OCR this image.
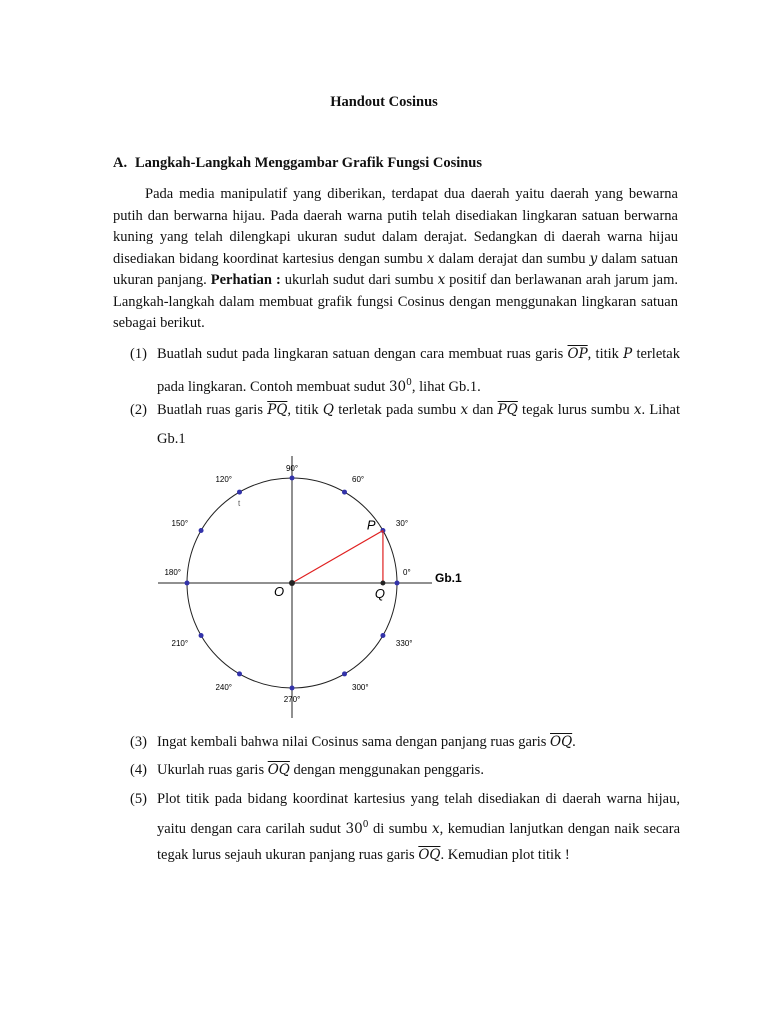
Handout Cosinus
A. Langkah-Langkah Menggambar Grafik Fungsi Cosinus
Pada media manipulatif yang diberikan, terdapat dua daerah yaitu daerah yang bewarna putih dan berwarna hijau. Pada daerah warna putih telah disediakan lingkaran satuan berwarna kuning yang telah dilengkapi ukuran sudut dalam derajat. Sedangkan di daerah warna hijau disediakan bidang koordinat kartesius dengan sumbu x dalam derajat dan sumbu y dalam satuan ukuran panjang. Perhatian : ukurlah sudut dari sumbu x positif dan berlawanan arah jarum jam. Langkah-langkah dalam membuat grafik fungsi Cosinus dengan menggunakan lingkaran satuan sebagai berikut.
(1) Buatlah sudut pada lingkaran satuan dengan cara membuat ruas garis $\overline{OP}$, titik P terletak pada lingkaran. Contoh membuat sudut $30^0$, lihat Gb.1.
(2) Buatlah ruas garis $\overline{PQ}$, titik Q terletak pada sumbu x dan $\overline{PQ}$ tegak lurus sumbu x. Lihat Gb.1
0°
30°
60°
90°
120°
150°
180°
210°
240°
270°
300°
330°
O
P
Q
t
Gb.1
(3) Ingat kembali bahwa nilai Cosinus sama dengan panjang ruas garis $\overline{OQ}$.
(4) Ukurlah ruas garis $\overline{OQ}$ dengan menggunakan penggaris.
(5) Plot titik pada bidang koordinat kartesius yang telah disediakan di daerah warna hijau, yaitu dengan cara carilah sudut $30^0$ di sumbu x, kemudian lanjutkan dengan naik secara tegak lurus sejauh ukuran panjang ruas garis $\overline{OQ}$. Kemudian plot titik !
